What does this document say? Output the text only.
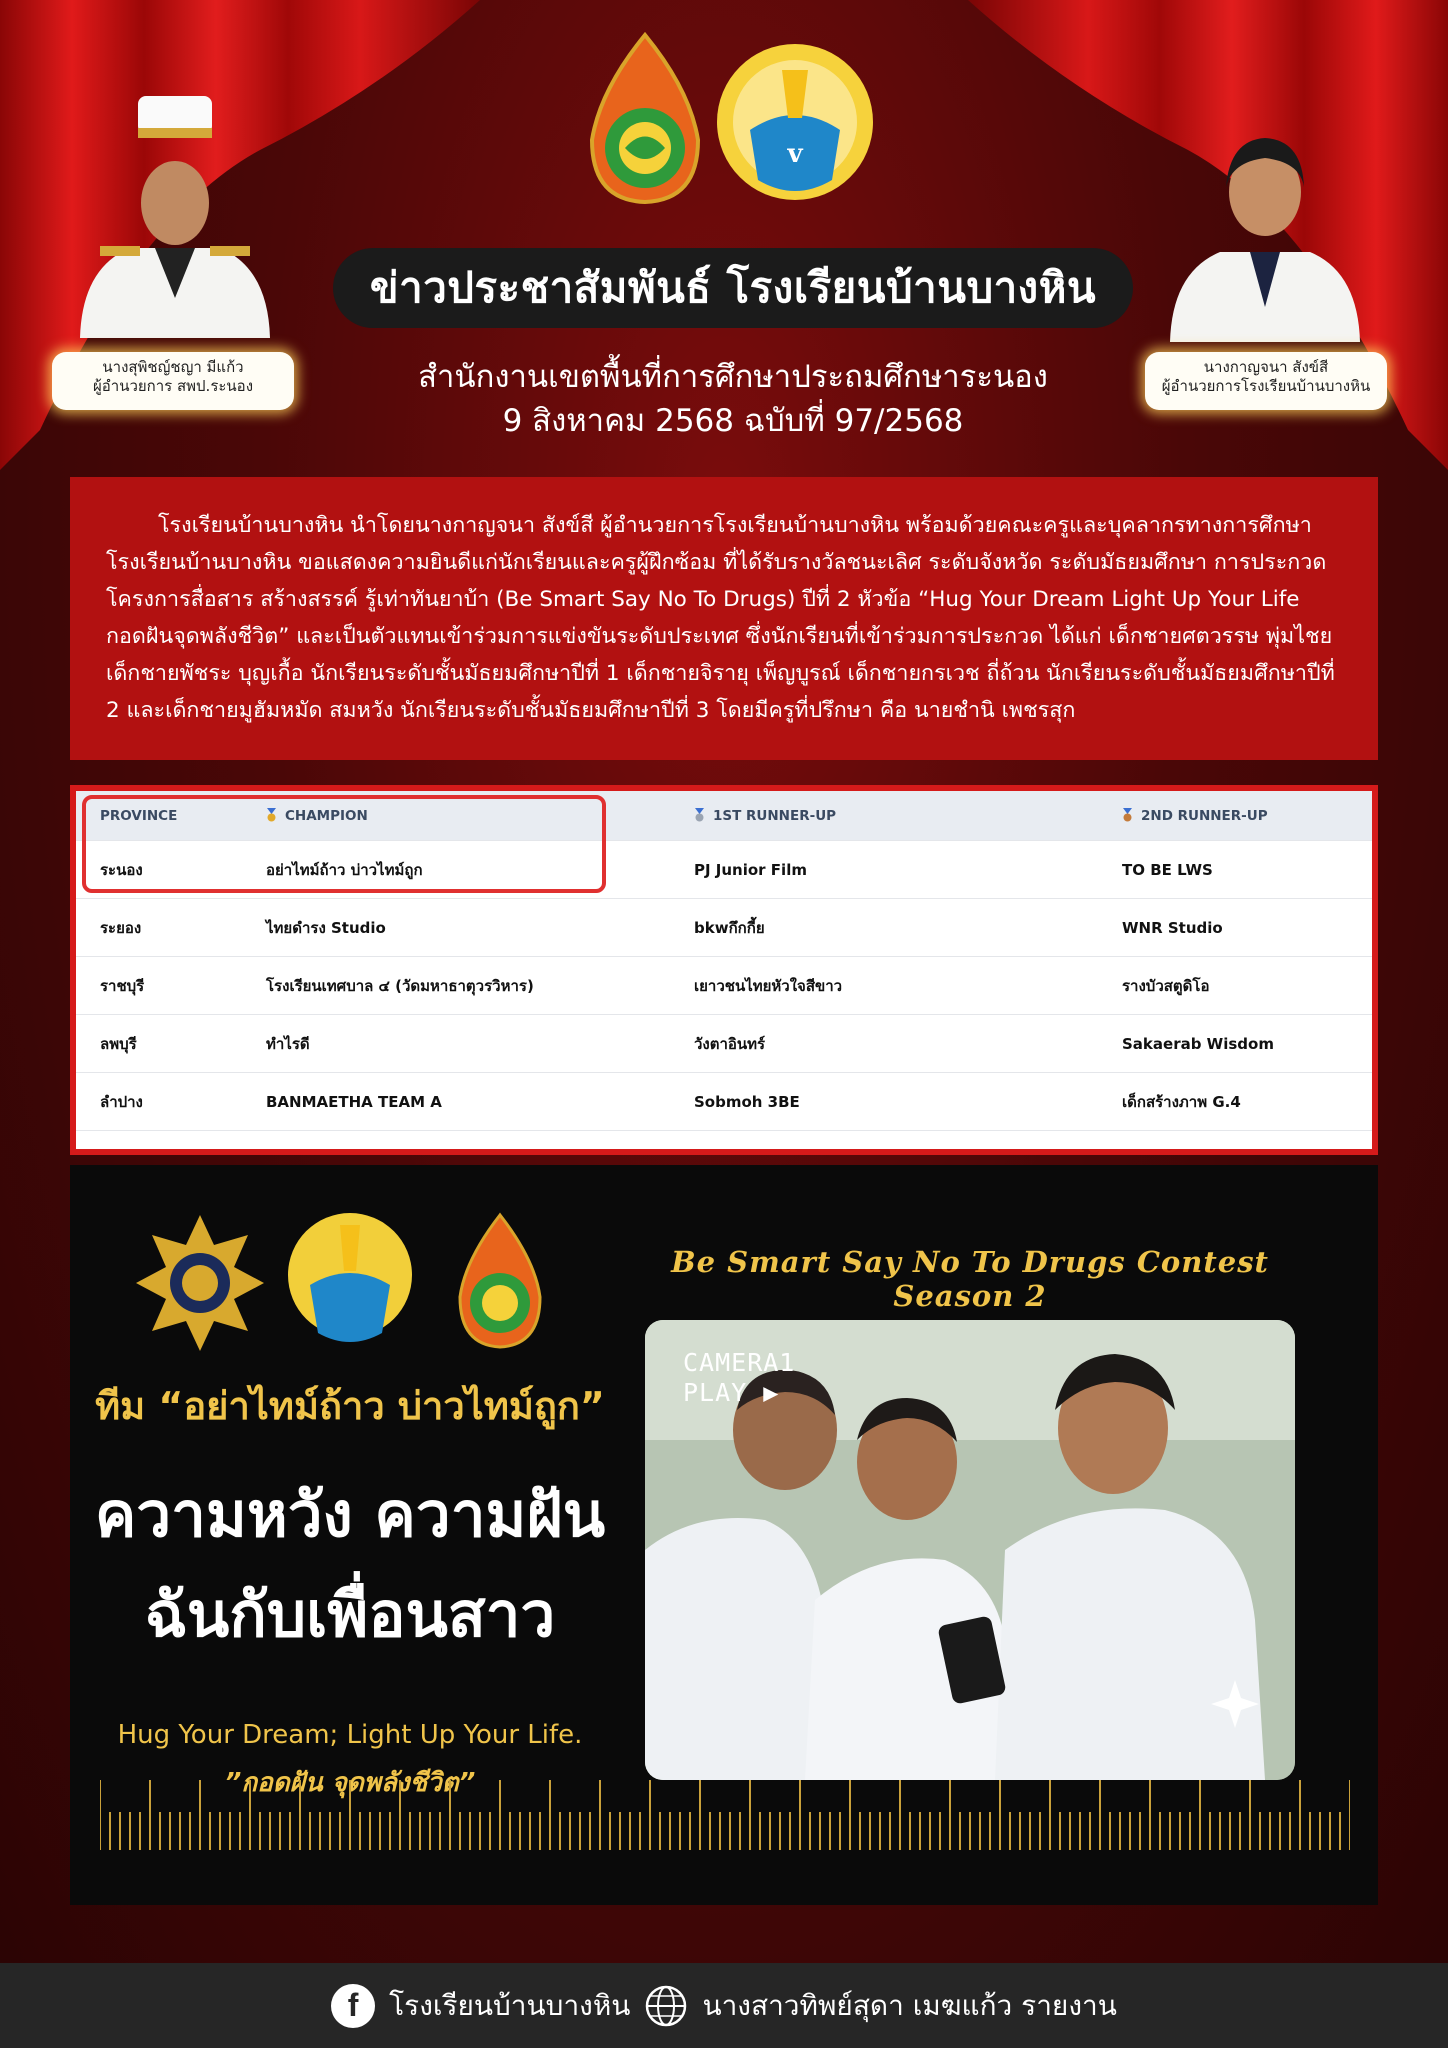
v
นางสุพิชญ์ชญา มีแก้ว
ผู้อำนวยการ สพป.ระนอง
นางกาญจนา สังข์สี
ผู้อำนวยการโรงเรียนบ้านบางหิน
ข่าวประชาสัมพันธ์ โรงเรียนบ้านบางหิน
สำนักงานเขตพื้นที่การศึกษาประถมศึกษาระนอง
9 สิงหาคม 2568 ฉบับที่ 97/2568

โรงเรียนบ้านบางหิน นำโดยนางกาญจนา สังข์สี ผู้อำนวยการโรงเรียนบ้านบางหิน พร้อมด้วยคณะครูและบุคลากรทางการศึกษา โรงเรียนบ้านบางหิน ขอแสดงความยินดีแก่นักเรียนและครูผู้ฝึกซ้อม ที่ได้รับรางวัลชนะเลิศ ระดับจังหวัด ระดับมัธยมศึกษา การประกวดโครงการสื่อสาร สร้างสรรค์ รู้เท่าทันยาบ้า (Be Smart Say No To Drugs) ปีที่ 2 หัวข้อ “Hug Your Dream Light Up Your Life กอดฝันจุดพลังชีวิต” และเป็นตัวแทนเข้าร่วมการแข่งขันระดับประเทศ ซึ่งนักเรียนที่เข้าร่วมการประกวด ได้แก่ เด็กชายศตวรรษ พุ่มไชย เด็กชายพัชระ บุญเกื้อ นักเรียนระดับชั้นมัธยมศึกษาปีที่ 1 เด็กชายจิรายุ เพ็ญบูรณ์ เด็กชายกรเวช ถี่ถ้วน นักเรียนระดับชั้นมัธยมศึกษาปีที่ 2 และเด็กชายมูฮัมหมัด สมหวัง นักเรียนระดับชั้นมัธยมศึกษาปีที่ 3 โดยมีครูที่ปรึกษา คือ นายชำนิ เพชรสุก

PROVINCE	CHAMPION	1ST RUNNER-UP	2ND RUNNER-UP
ระนอง	อย่าไทม์ถ้าว บ่าวไทม์ถูก	PJ Junior Film	TO BE LWS
ระยอง	ไทยดำรง Studio	bkwกึกกี้ย	WNR Studio
ราชบุรี	โรงเรียนเทศบาล ๔ (วัดมหาธาตุวรวิหาร)	เยาวชนไทยหัวใจสีขาว	รางบัวสตูดิโอ
ลพบุรี	ทำไรดี	วังตาอินทร์	Sakaerab Wisdom
ลำปาง	BANMAETHA TEAM A	Sobmoh 3BE	เด็กสร้างภาพ G.4
Be Smart Say No To Drugs Contest Season 2
ทีม “อย่าไทม์ถ้าว บ่าวไทม์ถูก”
ความหวัง ความฝัน
ฉันกับเพื่อนสาว
Hug Your Dream; Light Up Your Life.
”กอดฝัน จุดพลังชีวิต”
CAMERA1
PLAY ▶
f	โรงเรียนบ้านบางหิน	นางสาวทิพย์สุดา เมฆแก้ว รายงาน
